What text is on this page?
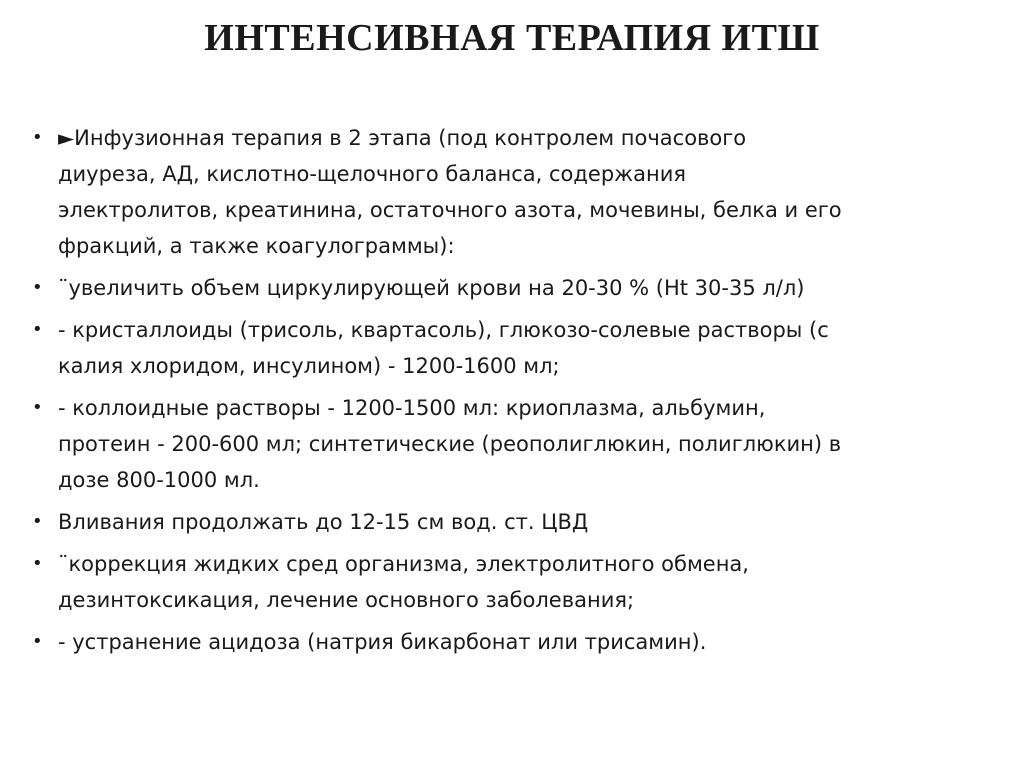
ИНТЕНСИВНАЯ ТЕРАПИЯ ИТШ
• ►Инфузионная терапия в 2 этапа (под контролем почасового
диуреза, АД, кислотно-щелочного баланса, содержания
электролитов, креатинина, остаточного азота, мочевины, белка и его
фракций, а также коагулограммы):
• ¨увеличить объем циркулирующей крови на 20-30 % (Ht 30-35 л/л)
• - кристаллоиды (трисоль, квартасоль), глюкозо-солевые растворы (с
калия хлоридом, инсулином) - 1200-1600 мл;
• - коллоидные растворы - 1200-1500 мл: криоплазма, альбумин,
протеин - 200-600 мл; синтетические (реополиглюкин, полиглюкин) в
дозе 800-1000 мл.
• Вливания продолжать до 12-15 см вод. ст. ЦВД
• ¨коррекция жидких сред организма, электролитного обмена,
дезинтоксикация, лечение основного заболевания;
• - устранение ацидоза (натрия бикарбонат или трисамин).
